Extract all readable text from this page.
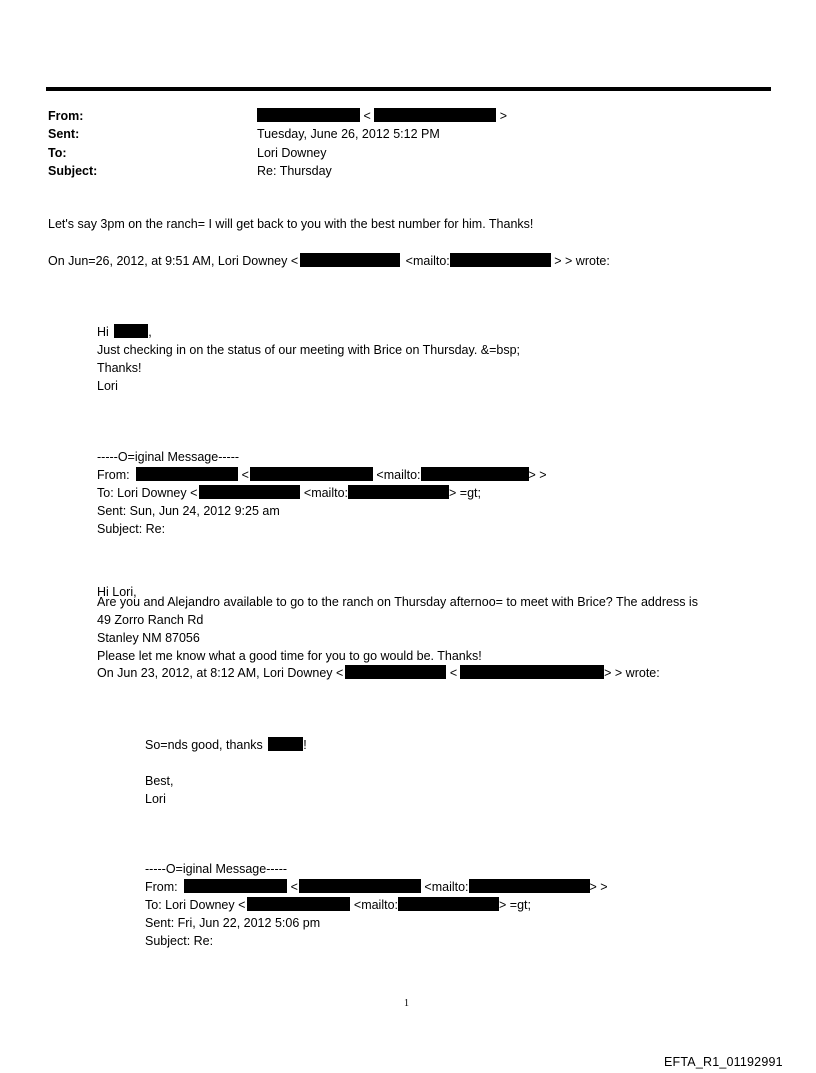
From:	<	>
Sent:	Tuesday, June 26, 2012 5:12 PM
To:	Lori Downey
Subject:	Re: Thursday
Let's say 3pm on the ranch= I will get back to you with the best number for him. Thanks!
On Jun=26, 2012, at 9:51 AM, Lori Downey <	<mailto:	> > wrote:
Hi	,
Just checking in on the status of our meeting with Brice on Thursday. &=bsp;
Thanks!
Lori
-----O=iginal Message-----
From:	<	<mailto:	> >
To: Lori Downey <	<mailto:	> =gt;
Sent: Sun, Jun 24, 2012 9:25 am
Subject: Re:
Hi Lori,
Are you and Alejandro available to go to the ranch on Thursday afternoo= to meet with Brice? The address is
49 Zorro Ranch Rd
Stanley NM 87056
Please let me know what a good time for you to go would be. Thanks!
On Jun 23, 2012, at 8:12 AM, Lori Downey <	<	> > wrote:
So=nds good, thanks	!
Best,
Lori
-----O=iginal Message-----
From:	<	<mailto:	> >
To: Lori Downey <	<mailto:	> =gt;
Sent: Fri, Jun 22, 2012 5:06 pm
Subject: Re:
1
EFTA_R1_01192991
